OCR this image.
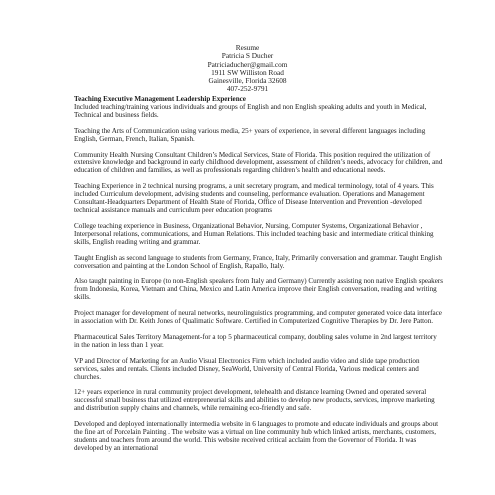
Resume
Patricia S Ducher
Patriciaducher@gmail.com
1911 SW Williston Road
Gainesville, Florida 32608
407-252-9791
Teaching Executive Management Leadership Experience

Included teaching/training various individuals and groups of English and non English speaking adults and youth in Medical, Technical and business fields.

Teaching the Arts of Communication using various media, 25+ years of experience, in several different languages including English, German, French, Italian, Spanish.

Community Health Nursing Consultant Children’s Medical Services, State of Florida. This position required the utilization of extensive knowledge and background in early childhood development, assessment of children’s needs, advocacy for children, and education of children and families, as well as professionals regarding children’s health and educational needs.

Teaching Experience in 2 technical nursing programs, a unit secretary program, and medical terminology, total of 4 years. This included Curriculum development, advising students and counseling, performance evaluation. Operations and Management Consultant-Headquarters Department of Health State of Florida, Office of Disease Intervention and Prevention -developed technical assistance manuals and curriculum peer education programs

College teaching experience in Business, Organizational Behavior, Nursing, Computer Systems, Organizational Behavior , Interpersonal relations, communications, and Human Relations. This included teaching basic and intermediate critical thinking skills, English reading writing and grammar.

Taught English as second language to students from Germany, France, Italy, Primarily conversation and grammar. Taught English conversation and painting at the London School of English, Rapallo, Italy.

Also taught painting in Europe (to non-English speakers from Italy and Germany) Currently assisting non native English speakers from Indonesia, Korea, Vietnam and China, Mexico and Latin America improve their English conversation, reading and writing skills.

Project manager for development of neural networks, neurolinguistics programming, and computer generated voice data interface in association with Dr. Keith Jones of Qualimatic Software. Certified in Computerized Cognitive Therapies by Dr. Jere Patton.

Pharmaceutical Sales Territory Management-for a top 5 pharmaceutical company, doubling sales volume in 2nd largest territory in the nation in less than 1 year.

VP and Director of Marketing for an Audio Visual Electronics Firm which included audio video and slide tape production services, sales and rentals. Clients included Disney, SeaWorld, University of Central Florida, Various medical centers and churches.

12+ years experience in rural community project development, telehealth and distance learning Owned and operated several successful small business that utilized entrepreneurial skills and abilities to develop new products, services, improve marketing and distribution supply chains and channels, while remaining eco-friendly and safe.

Developed and deployed internationally intermedia website in 6 languages to promote and educate individuals and groups about the fine art of Porcelain Painting . The website was a virtual on line community hub which linked artists, merchants, customers, students and teachers from around the world. This website received critical acclaim from the Governor of Florida. It was developed by an international
